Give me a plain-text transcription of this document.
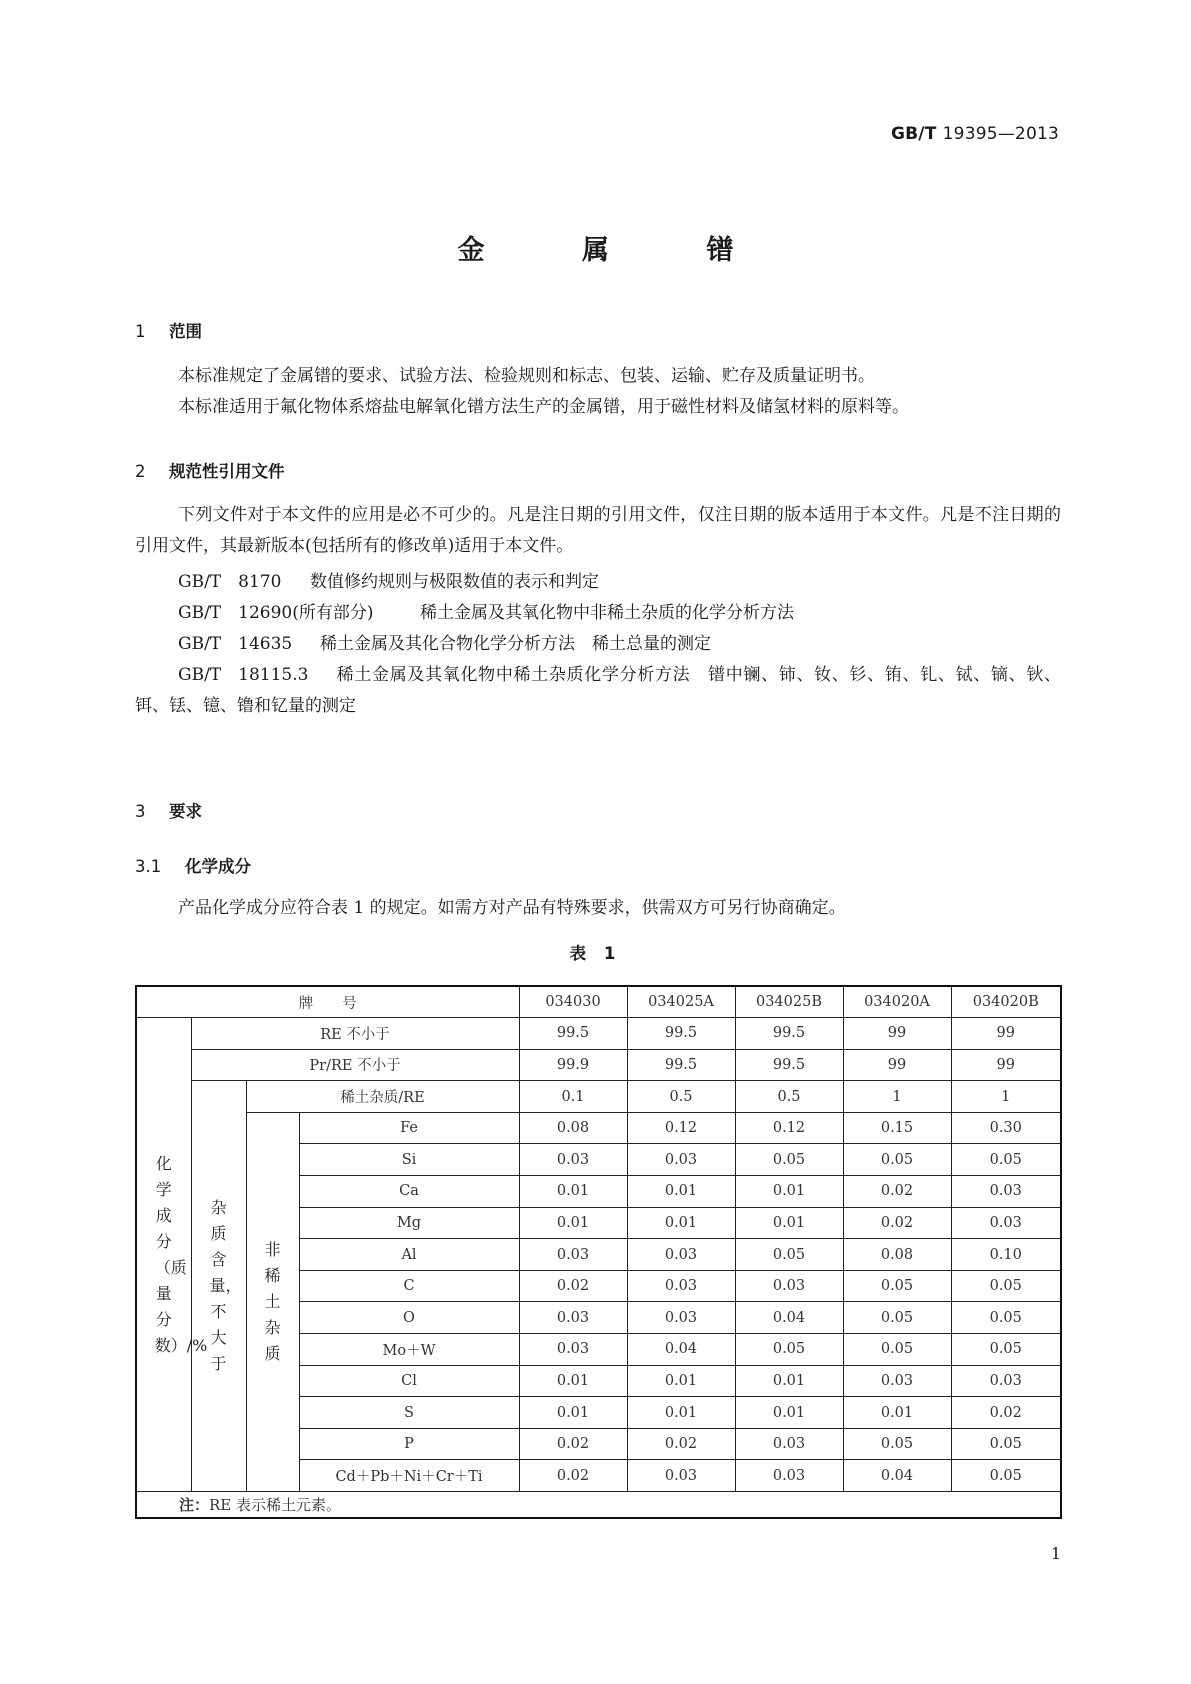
GB/T 19395—2013
金 属 镨
1 范围

本标准规定了金属镨的要求、试验方法、检验规则和标志、包装、运输、贮存及质量证明书。

本标准适用于氟化物体系熔盐电解氧化镨方法生产的金属镨，用于磁性材料及储氢材料的原料等。

2 规范性引用文件

下列文件对于本文件的应用是必不可少的。凡是注日期的引用文件，仅注日期的版本适用于本文件。凡是不注日期的引用文件，其最新版本(包括所有的修改单)适用于本文件。

GB/T　8170 数值修约规则与极限数值的表示和判定
GB/T　12690(所有部分)	稀土金属及其氧化物中非稀土杂质的化学分析方法
GB/T　14635 稀土金属及其化合物化学分析方法　稀土总量的测定

GB/T　18115.3 稀土金属及其氧化物中稀土杂质化学分析方法　镨中镧、铈、钕、钐、铕、钆、铽、镝、钬、铒、铥、镱、镥和钇量的测定

3 要求
3.1 化学成分

产品化学成分应符合表 1 的规定。如需方对产品有特殊要求，供需双方可另行协商确定。

表 1
牌　　号				034030	034025A	034025B	034020A	034020B
化学成分（质量分数）/%	RE 不小于			99.5	99.5	99.5	99	99
	Pr/RE 不小于			99.9	99.5	99.5	99	99
	杂质含量，不大于	稀土杂质/RE		0.1	0.5	0.5	1	1
		非稀土杂质	Fe	0.08	0.12	0.12	0.15	0.30
			Si	0.03	0.03	0.05	0.05	0.05
			Ca	0.01	0.01	0.01	0.02	0.03
			Mg	0.01	0.01	0.01	0.02	0.03
			Al	0.03	0.03	0.05	0.08	0.10
			C	0.02	0.03	0.03	0.05	0.05
			O	0.03	0.03	0.04	0.05	0.05
			Mo＋W	0.03	0.04	0.05	0.05	0.05
			Cl	0.01	0.01	0.01	0.03	0.03
			S	0.01	0.01	0.01	0.01	0.02
			P	0.02	0.02	0.03	0.05	0.05
			Cd＋Pb＋Ni＋Cr＋Ti	0.02	0.03	0.03	0.04	0.05
注：RE 表示稀土元素。								
1
